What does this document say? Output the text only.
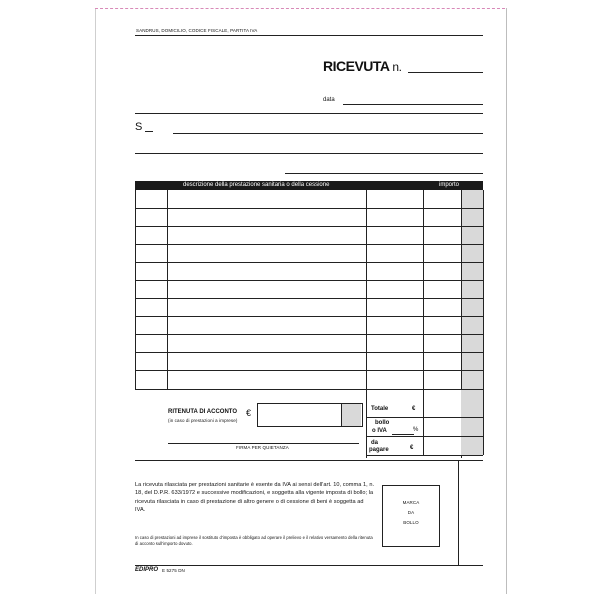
SANDRUS, DOMICILIO, CODICE FISCALE, PARTITA IVA
RICEVUTA n.
data
S
descrizione della prestazione sanitaria o della cessione	importo
RITENUTA DI ACCONTO
(in caso di prestazioni a imprese)
€
FIRMA PER QUIETANZA
Totale	€
bollo
o IVA	%
da
pagare	€
La ricevuta rilasciata per prestazioni sanitarie è esente da IVA ai sensi dell'art. 10, comma 1, n. 18, del D.P.R. 633/1972 e successive modificazioni, e soggetta alla vigente imposta di bollo; la ricevuta rilasciata in caso di prestazione di altro genere o di cessione di beni è soggetta ad IVA.
In caso di prestazioni ad imprese il sostituto d'imposta è obbligato ad operare il prelievo e il relativo versamento della ritenuta di acconto sull'importo dovuto.
MARCA
DA
BOLLO
EDIPRO E 5275 DN
